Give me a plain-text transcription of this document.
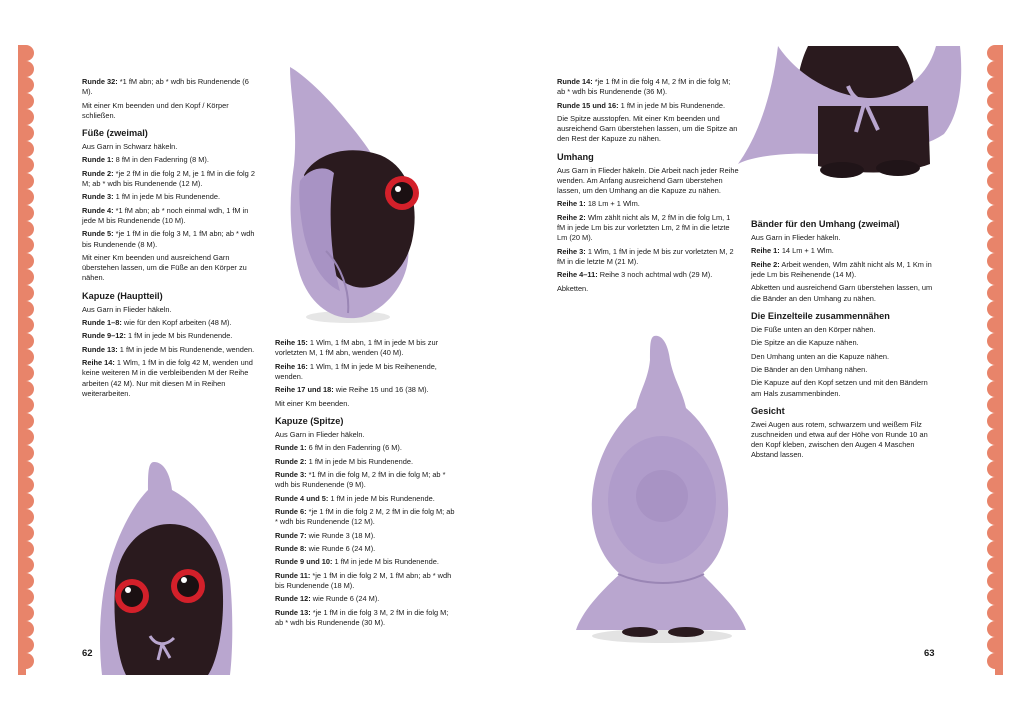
Runde 32: *1 fM abn; ab * wdh bis Rundenende (6 M).

Mit einer Km beenden und den Kopf / Körper schließen.

Füße (zweimal)

Aus Garn in Schwarz häkeln.

Runde 1: 8 fM in den Fadenring (8 M).

Runde 2: *je 2 fM in die folg 2 M, je 1 fM in die folg 2 M; ab * wdh bis Rundenende (12 M).

Runde 3: 1 fM in jede M bis Rundenende.

Runde 4: *1 fM abn; ab * noch einmal wdh, 1 fM in jede M bis Rundenende (10 M).

Runde 5: *je 1 fM in die folg 3 M, 1 fM abn; ab * wdh bis Rundenende (8 M).

Mit einer Km beenden und ausreichend Garn überstehen lassen, um die Füße an den Körper zu nähen.

Kapuze (Hauptteil)

Aus Garn in Flieder häkeln.

Runde 1–8: wie für den Kopf arbeiten (48 M).

Runde 9–12: 1 fM in jede M bis Rundenende.

Runde 13: 1 fM in jede M bis Rundenende, wenden.

Reihe 14: 1 Wlm, 1 fM in die folg 42 M, wenden und keine weiteren M in die verbleibenden M der Reihe arbeiten (42 M). Nur mit diesen M in Reihen weiterarbeiten.

Reihe 15: 1 Wlm, 1 fM abn, 1 fM in jede M bis zur vorletzten M, 1 fM abn, wenden (40 M).

Reihe 16: 1 Wlm, 1 fM in jede M bis Reihenende, wenden.

Reihe 17 und 18: wie Reihe 15 und 16 (38 M).

Mit einer Km beenden.

Kapuze (Spitze)

Aus Garn in Flieder häkeln.

Runde 1: 6 fM in den Fadenring (6 M).

Runde 2: 1 fM in jede M bis Rundenende.

Runde 3: *1 fM in die folg M, 2 fM in die folg M; ab * wdh bis Rundenende (9 M).

Runde 4 und 5: 1 fM in jede M bis Rundenende.

Runde 6: *je 1 fM in die folg 2 M, 2 fM in die folg M; ab * wdh bis Rundenende (12 M).

Runde 7: wie Runde 3 (18 M).

Runde 8: wie Runde 6 (24 M).

Runde 9 und 10: 1 fM in jede M bis Rundenende.

Runde 11: *je 1 fM in die folg 2 M, 1 fM abn; ab * wdh bis Rundenende (18 M).

Runde 12: wie Runde 6 (24 M).

Runde 13: *je 1 fM in die folg 3 M, 2 fM in die folg M; ab * wdh bis Rundenende (30 M).

Runde 14: *je 1 fM in die folg 4 M, 2 fM in die folg M; ab * wdh bis Rundenende (36 M).

Runde 15 und 16: 1 fM in jede M bis Rundenende.

Die Spitze ausstopfen. Mit einer Km beenden und ausreichend Garn überstehen lassen, um die Spitze an den Rest der Kapuze zu nähen.

Umhang

Aus Garn in Flieder häkeln. Die Arbeit nach jeder Reihe wenden. Am Anfang ausreichend Garn überstehen lassen, um den Umhang an die Kapuze zu nähen.

Reihe 1: 18 Lm + 1 Wlm.

Reihe 2: Wlm zählt nicht als M, 2 fM in die folg Lm, 1 fM in jede Lm bis zur vorletzten Lm, 2 fM in die letzte Lm (20 M).

Reihe 3: 1 Wlm, 1 fM in jede M bis zur vorletzten M, 2 fM in die letzte M (21 M).

Reihe 4–11: Reihe 3 noch achtmal wdh (29 M).

Abketten.

Bänder für den Umhang (zweimal)

Aus Garn in Flieder häkeln.

Reihe 1: 14 Lm + 1 Wlm.

Reihe 2: Arbeit wenden, Wlm zählt nicht als M, 1 Km in jede Lm bis Reihenende (14 M).

Abketten und ausreichend Garn überstehen lassen, um die Bänder an den Umhang zu nähen.

Die Einzelteile zusammennähen

Die Füße unten an den Körper nähen.

Die Spitze an die Kapuze nähen.

Den Umhang unten an die Kapuze nähen.

Die Bänder an den Umhang nähen.

Die Kapuze auf den Kopf setzen und mit den Bändern am Hals zusammenbinden.

Gesicht

Zwei Augen aus rotem, schwarzem und weißem Filz zuschneiden und etwa auf der Höhe von Runde 10 an den Kopf kleben, zwischen den Augen 4 Maschen Abstand lassen.

62	63
